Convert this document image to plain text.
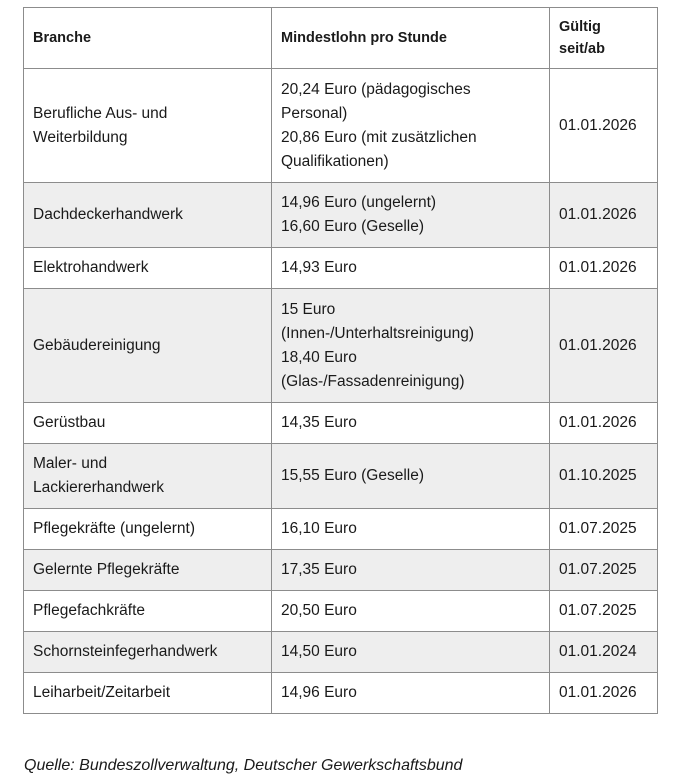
Branche	Mindestlohn pro Stunde	Gültig seit/ab

Berufliche Aus- und
Weiterbildung	20,24 Euro (pädagogisches
Personal)
20,86 Euro (mit zusätzlichen
Qualifikationen)	01.01.2026

Dachdeckerhandwerk	14,96 Euro (ungelernt)
16,60 Euro (Geselle)	01.01.2026

Elektrohandwerk	14,93 Euro	01.01.2026

Gebäudereinigung	15 Euro
(Innen-/Unterhaltsreinigung)
18,40 Euro
(Glas-/Fassadenreinigung)	01.01.2026

Gerüstbau	14,35 Euro	01.01.2026

Maler- und
Lackiererhandwerk	15,55 Euro (Geselle)	01.10.2025

Pflegekräfte (ungelernt)	16,10 Euro	01.07.2025

Gelernte Pflegekräfte	17,35 Euro	01.07.2025

Pflegefachkräfte	20,50 Euro	01.07.2025

Schornsteinfegerhandwerk	14,50 Euro	01.01.2024

Leiharbeit/Zeitarbeit	14,96 Euro	01.01.2026
Quelle: Bundeszollverwaltung, Deutscher Gewerkschaftsbund
